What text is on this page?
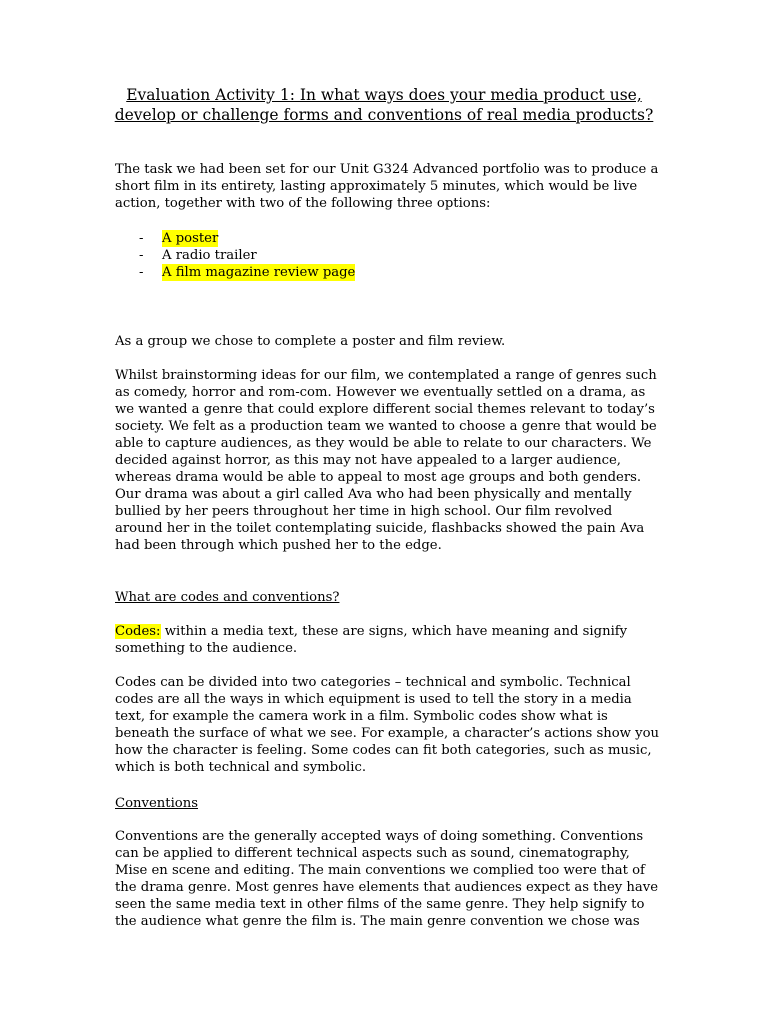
Evaluation Activity 1: In what ways does your media product use,
develop or challenge forms and conventions of real media products?
The task we had been set for our Unit G324 Advanced portfolio was to produce a
short film in its entirety, lasting approximately 5 minutes, which would be live
action, together with two of the following three options:
- A poster
- A radio trailer
- A film magazine review page
As a group we chose to complete a poster and film review.
Whilst brainstorming ideas for our film, we contemplated a range of genres such
as comedy, horror and rom-com. However we eventually settled on a drama, as
we wanted a genre that could explore different social themes relevant to today’s
society. We felt as a production team we wanted to choose a genre that would be
able to capture audiences, as they would be able to relate to our characters. We
decided against horror, as this may not have appealed to a larger audience,
whereas drama would be able to appeal to most age groups and both genders.
Our drama was about a girl called Ava who had been physically and mentally
bullied by her peers throughout her time in high school. Our film revolved
around her in the toilet contemplating suicide, flashbacks showed the pain Ava
had been through which pushed her to the edge.
What are codes and conventions?
Codes: within a media text, these are signs, which have meaning and signify
something to the audience.
Codes can be divided into two categories – technical and symbolic. Technical
codes are all the ways in which equipment is used to tell the story in a media
text, for example the camera work in a film. Symbolic codes show what is
beneath the surface of what we see. For example, a character’s actions show you
how the character is feeling. Some codes can fit both categories, such as music,
which is both technical and symbolic.
Conventions
Conventions are the generally accepted ways of doing something. Conventions
can be applied to different technical aspects such as sound, cinematography,
Mise en scene and editing. The main conventions we complied too were that of
the drama genre. Most genres have elements that audiences expect as they have
seen the same media text in other films of the same genre. They help signify to
the audience what genre the film is. The main genre convention we chose was
